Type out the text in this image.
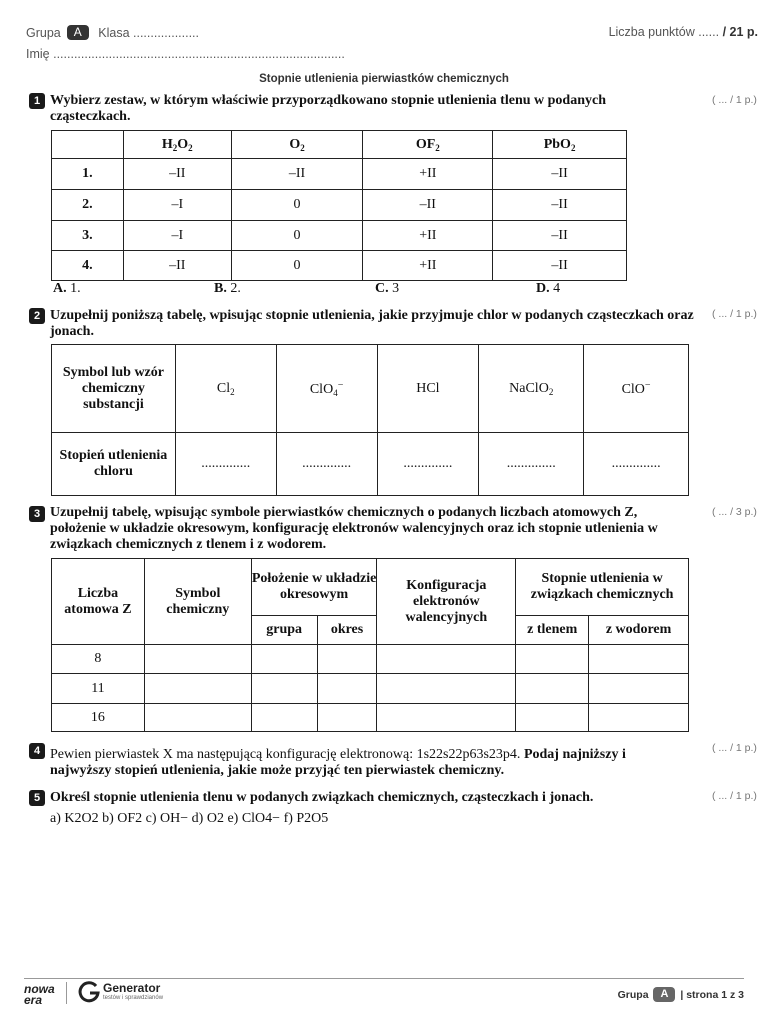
Grupa A Klasa ...................	Liczba punktów ...... / 21 p.
Imię ....................................................................................
Stopnie utlenienia pierwiastków chemicznych
1 Wybierz zestaw, w którym właściwie przyporządkowano stopnie utlenienia tlenu w podanych cząsteczkach.
( ... / 1 p.)
	$H_2O_2$	$O_2$	$OF_2$	PbO$_2$
1.	–II	–II	+II	–II
2.	–I	0	–II	–II
3.	–I	0	+II	–II
4.	–II	0	+II	–II
A. 1.	B. 2.	C. 3	D. 4
2 Uzupełnij poniższą tabelę, wpisując stopnie utlenienia, jakie przyjmuje chlor w podanych cząsteczkach oraz jonach.
( ... / 1 p.)
Symbol lub wzór chemiczny substancji	$Cl_2$	ClO$_4$−	HCl	NaClO$_2$	ClO−
Stopień utlenienia chloru	..............	..............	..............	..............	..............
3 Uzupełnij tabelę, wpisując symbole pierwiastków chemicznych o podanych liczbach atomowych Z, położenie w układzie okresowym, konfigurację elektronów walencyjnych oraz ich stopnie utlenienia w związkach chemicznych z tlenem i z wodorem.
( ... / 3 p.)
Liczba atomowa Z	Symbol chemiczny	Położenie w układzie okresowym		Konfiguracja elektronów walencyjnych	Stopnie utlenienia w związkach chemicznych	
		grupa	okres		z tlenem	z wodorem
8						
11						
16						
4 Pewien pierwiastek X ma następującą konfigurację elektronową: 1s22s22p63s23p4. Podaj najniższy i najwyższy stopień utlenienia, jakie może przyjąć ten pierwiastek chemiczny.
( ... / 1 p.)
5 Określ stopnie utlenienia tlenu w podanych związkach chemicznych, cząsteczkach i jonach.	( ... / 1 p.)
a) K2O2 b) OF2 c) OH− d) O2 e) ClO4− f) P2O5
nowa era
Generator
testów i sprawdzianów	Grupa A | strona 1 z 3
